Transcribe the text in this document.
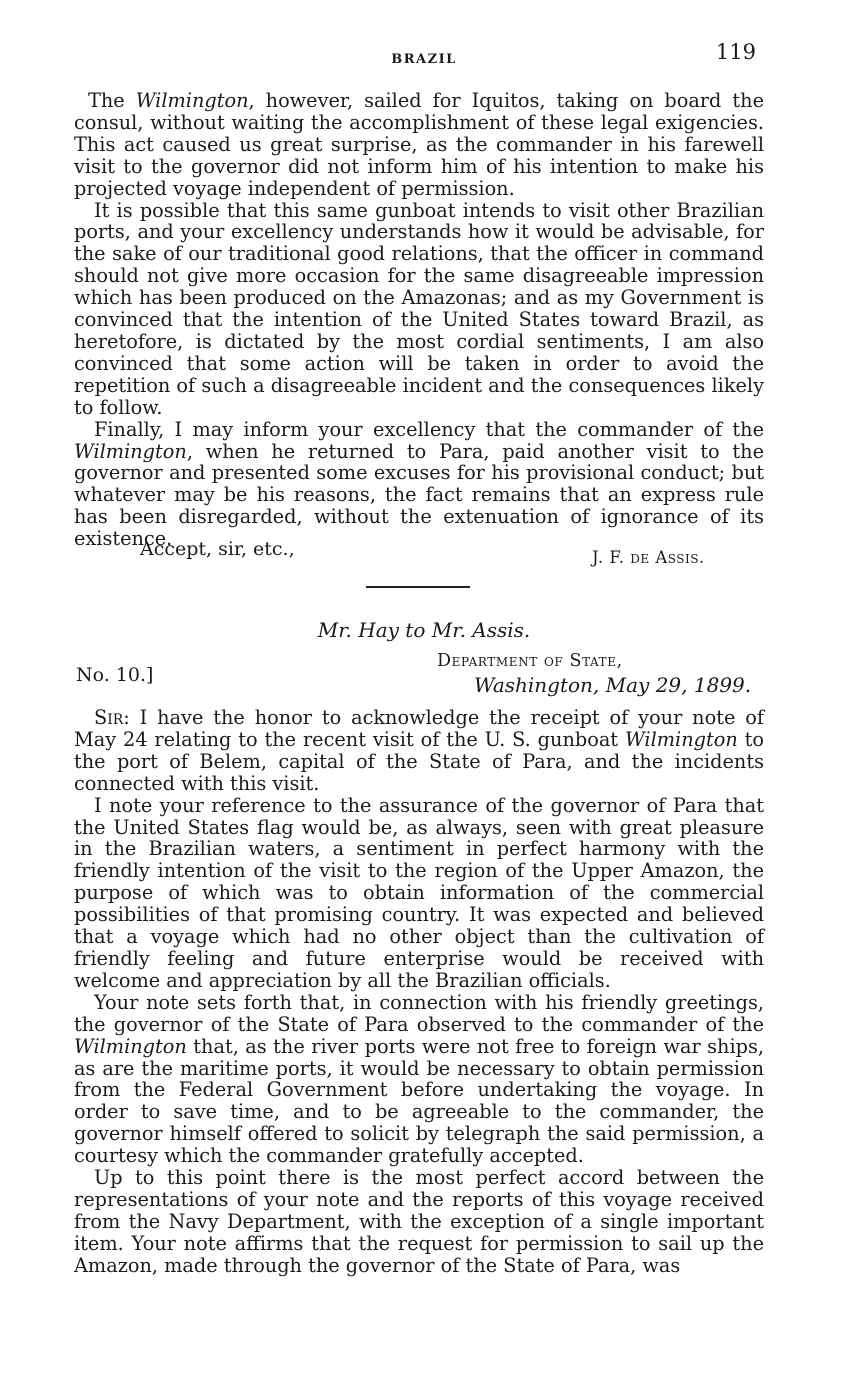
BRAZIL	119

The Wilmington, however, sailed for Iquitos, taking on board the consul, without waiting the accomplishment of these legal exigencies. This act caused us great surprise, as the commander in his farewell visit to the governor did not inform him of his intention to make his projected voyage independent of permission.

It is possible that this same gunboat intends to visit other Brazilian ports, and your excellency understands how it would be advisable, for the sake of our traditional good relations, that the officer in command should not give more occasion for the same disagreeable impression which has been produced on the Amazonas; and as my Government is convinced that the intention of the United States toward Brazil, as heretofore, is dictated by the most cordial sentiments, I am also convinced that some action will be taken in order to avoid the repetition of such a disagreeable incident and the consequences likely to follow.

Finally, I may inform your excellency that the commander of the Wilmington, when he returned to Para, paid another visit to the governor and presented some excuses for his provisional conduct; but whatever may be his reasons, the fact remains that an express rule has been disregarded, without the extenuation of ignorance of its existence.

Accept, sir, etc.,	J. F. de Assis.
Mr. Hay to Mr. Assis.
No. 10.]
Department of State,
Washington, May 29, 1899.

Sir: I have the honor to acknowledge the receipt of your note of May 24 relating to the recent visit of the U. S. gunboat Wilmington to the port of Belem, capital of the State of Para, and the incidents connected with this visit.

I note your reference to the assurance of the governor of Para that the United States flag would be, as always, seen with great pleasure in the Brazilian waters, a sentiment in perfect harmony with the friendly intention of the visit to the region of the Upper Amazon, the purpose of which was to obtain information of the commercial possibilities of that promising country. It was expected and believed that a voyage which had no other object than the cultivation of friendly feeling and future enterprise would be received with welcome and appreciation by all the Brazilian officials.

Your note sets forth that, in connection with his friendly greetings, the governor of the State of Para observed to the commander of the Wilmington that, as the river ports were not free to foreign war ships, as are the maritime ports, it would be necessary to obtain permission from the Federal Government before undertaking the voyage. In order to save time, and to be agreeable to the commander, the governor himself offered to solicit by telegraph the said permission, a courtesy which the commander gratefully accepted.

Up to this point there is the most perfect accord between the representations of your note and the reports of this voyage received from the Navy Department, with the exception of a single important item. Your note affirms that the request for permission to sail up the Amazon, made through the governor of the State of Para, was
